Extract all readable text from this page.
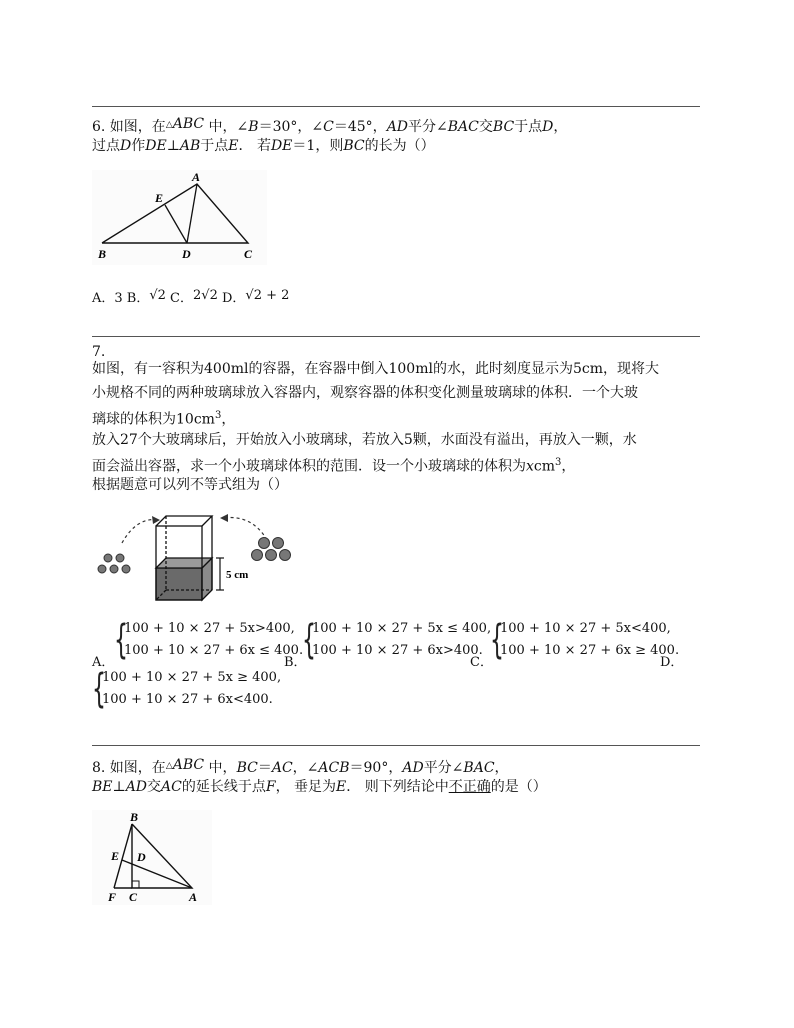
6. 如图，在△ABC 中，∠B＝30°，∠C＝45°，AD平分∠BAC交BC于点D，
过点D作DE⊥AB于点E． 若DE＝1，则BC的长为（）
A
E
B	D	C
A．3 B．√2 C．2√2 D．√2 + 2
7.
如图，有一容积为400ml的容器，在容器中倒入100ml的水，此时刻度显示为5cm，现将大
小规格不同的两种玻璃球放入容器内，观察容器的体积变化测量玻璃球的体积．一个大玻
璃球的体积为$10cm^3$，
放入27个大玻璃球后，开始放入小玻璃球，若放入5颗，水面没有溢出，再放入一颗，水
面会溢出容器，求一个小玻璃球体积的范围．设一个小玻璃球的体积为xcm$^3$，
根据题意可以列不等式组为（）
5 cm
A． {
100 + 10 × 27 + 5x>400,
100 + 10 × 27 + 6x ≤ 400.
B．
{
100 + 10 × 27 + 5x ≤ 400,
100 + 10 × 27 + 6x>400.
C．
{
100 + 10 × 27 + 5x<400,
100 + 10 × 27 + 6x ≥ 400.
D．
{
100 + 10 × 27 + 5x ≥ 400,
100 + 10 × 27 + 6x<400.
8. 如图，在△ABC 中，BC＝AC，∠ACB＝90°，AD平分∠BAC，
BE⊥AD交AC的延长线于点F， 垂足为E． 则下列结论中不正确的是（）
B
E D
F C	A
